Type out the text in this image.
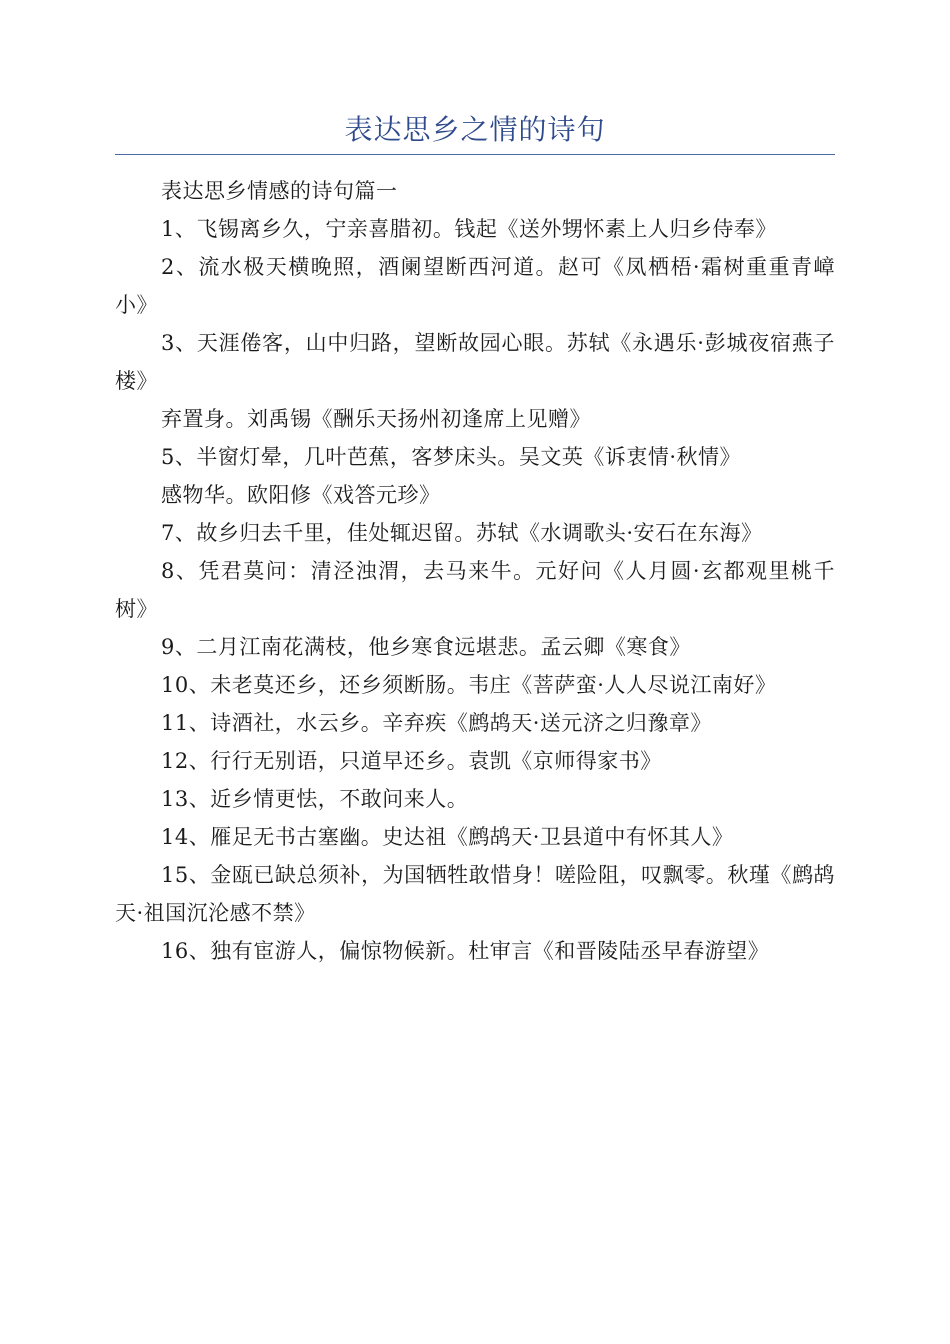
表达思乡之情的诗句

表达思乡情感的诗句篇一

1、飞锡离乡久，宁亲喜腊初。钱起《送外甥怀素上人归乡侍奉》

2、流水极天横晚照，酒阑望断西河道。赵可《凤栖梧·霜树重重青嶂小》

3、天涯倦客，山中归路，望断故园心眼。苏轼《永遇乐·彭城夜宿燕子楼》

弃置身。刘禹锡《酬乐天扬州初逢席上见赠》

5、半窗灯晕，几叶芭蕉，客梦床头。吴文英《诉衷情·秋情》

感物华。欧阳修《戏答元珍》

7、故乡归去千里，佳处辄迟留。苏轼《水调歌头·安石在东海》

8、凭君莫问：清泾浊渭，去马来牛。元好问《人月圆·玄都观里桃千树》

9、二月江南花满枝，他乡寒食远堪悲。孟云卿《寒食》

10、未老莫还乡，还乡须断肠。韦庄《菩萨蛮·人人尽说江南好》

11、诗酒社，水云乡。辛弃疾《鹧鸪天·送元济之归豫章》

12、行行无别语，只道早还乡。袁凯《京师得家书》

13、近乡情更怯，不敢问来人。

14、雁足无书古塞幽。史达祖《鹧鸪天·卫县道中有怀其人》

15、金瓯已缺总须补，为国牺牲敢惜身！嗟险阻，叹飘零。秋瑾《鹧鸪天·祖国沉沦感不禁》

16、独有宦游人，偏惊物候新。杜审言《和晋陵陆丞早春游望》
